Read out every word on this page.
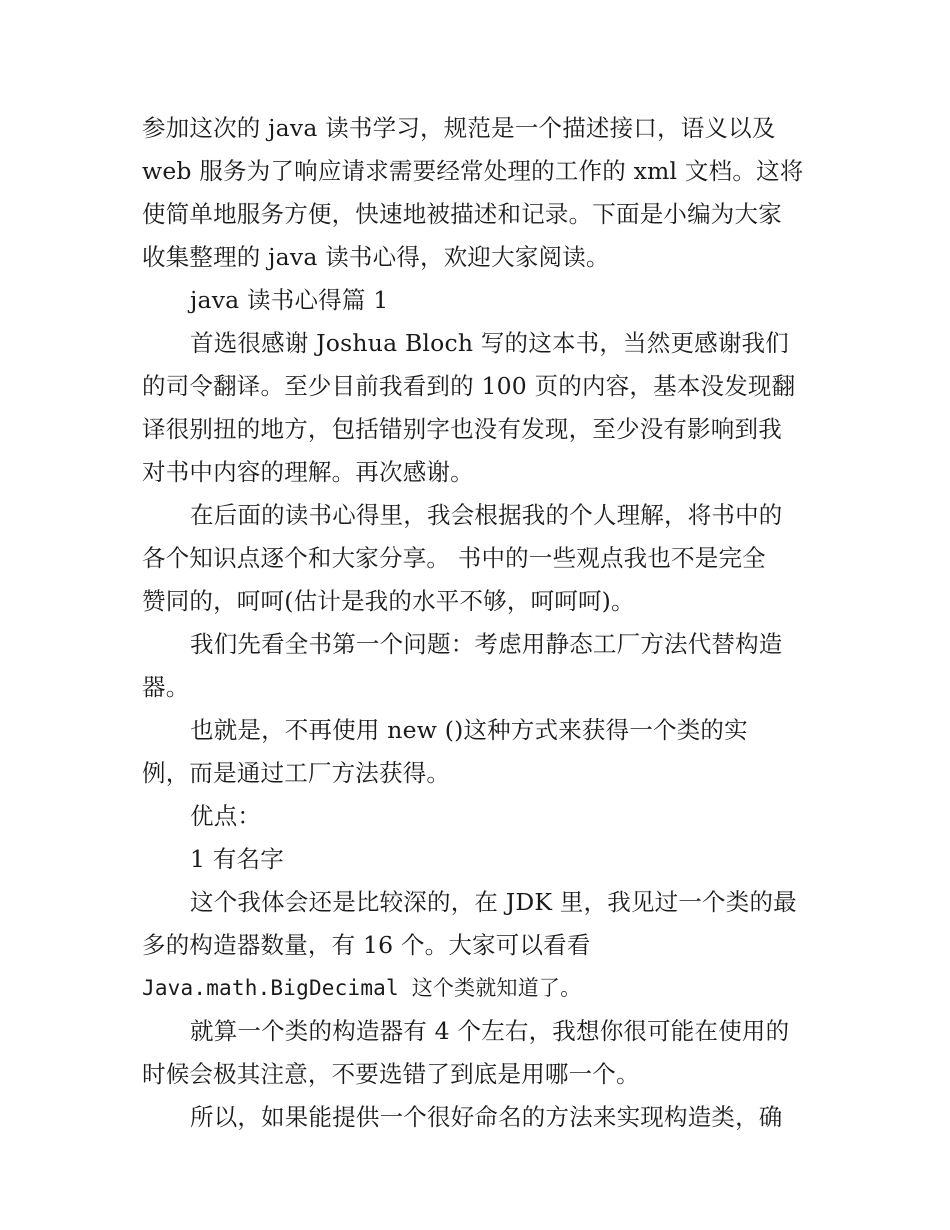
参加这次的 java 读书学习，规范是一个描述接口，语义以及

web 服务为了响应请求需要经常处理的工作的 xml 文档。这将

使简单地服务方便，快速地被描述和记录。下面是小编为大家

收集整理的 java 读书心得，欢迎大家阅读。

java 读书心得篇 1

首选很感谢 Joshua Bloch 写的这本书，当然更感谢我们

的司令翻译。至少目前我看到的 100 页的内容，基本没发现翻

译很别扭的地方，包括错别字也没有发现，至少没有影响到我

对书中内容的理解。再次感谢。

在后面的读书心得里，我会根据我的个人理解，将书中的

各个知识点逐个和大家分享。 书中的一些观点我也不是完全

赞同的，呵呵(估计是我的水平不够，呵呵呵)。

我们先看全书第一个问题：考虑用静态工厂方法代替构造

器。

也就是，不再使用 new ()这种方式来获得一个类的实

例，而是通过工厂方法获得。

优点：

1 有名字

这个我体会还是比较深的，在 JDK 里，我见过一个类的最

多的构造器数量，有 16 个。大家可以看看

Java.math.BigDecimal 这个类就知道了。

就算一个类的构造器有 4 个左右，我想你很可能在使用的

时候会极其注意，不要选错了到底是用哪一个。

所以，如果能提供一个很好命名的方法来实现构造类，确
